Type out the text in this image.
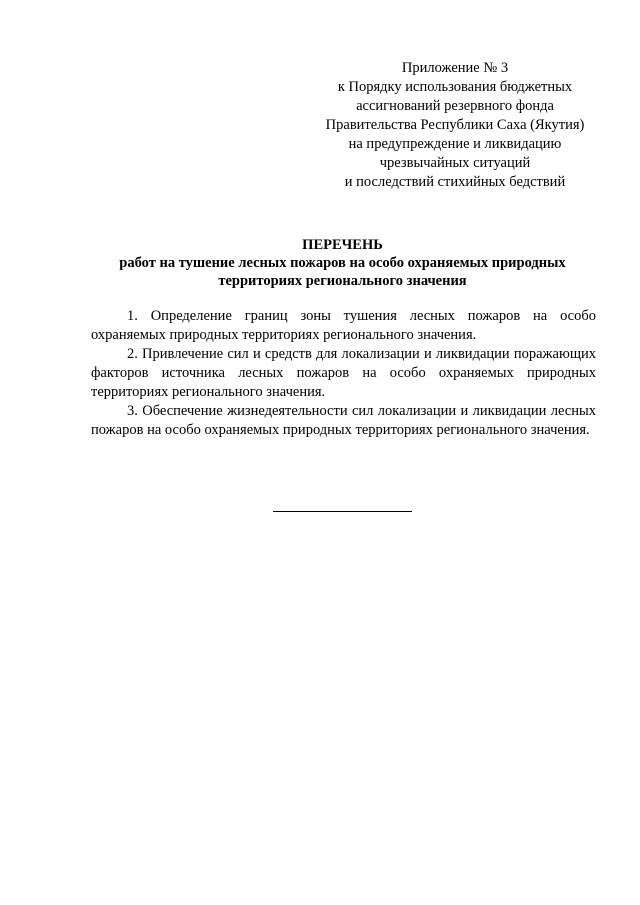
Приложение № 3
к Порядку использования бюджетных
ассигнований резервного фонда
Правительства Республики Саха (Якутия)
на предупреждение и ликвидацию
чрезвычайных ситуаций
и последствий стихийных бедствий
ПЕРЕЧЕНЬ
работ на тушение лесных пожаров на особо охраняемых природных
территориях регионального значения

1. Определение границ зоны тушения лесных пожаров на особо охраняемых природных территориях регионального значения.

2. Привлечение сил и средств для локализации и ликвидации поражающих факторов источника лесных пожаров на особо охраняемых природных территориях регионального значения.

3. Обеспечение жизнедеятельности сил локализации и ликвидации лесных пожаров на особо охраняемых природных территориях регионального значения.
